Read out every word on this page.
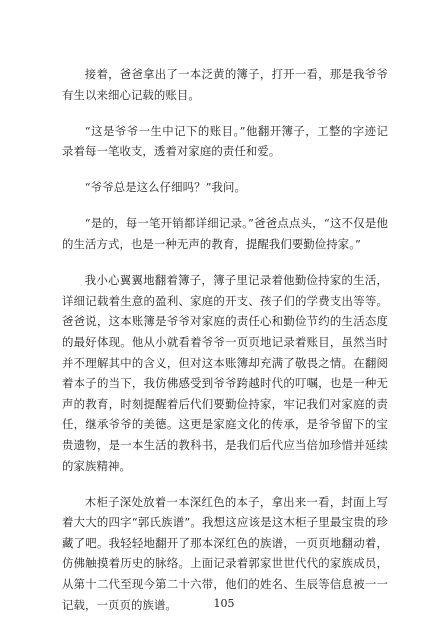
接着，爸爸拿出了一本泛黄的簿子，打开一看，那是我爷爷有生以来细心记载的账目。

“这是爷爷一生中记下的账目。”他翻开簿子，工整的字迹记录着每一笔收支，透着对家庭的责任和爱。

“爷爷总是这么仔细吗？”我问。

“是的，每一笔开销都详细记录。”爸爸点点头，“这不仅是他的生活方式，也是一种无声的教育，提醒我们要勤俭持家。”

我小心翼翼地翻着簿子，簿子里记录着他勤俭持家的生活，详细记载着生意的盈利、家庭的开支、孩子们的学费支出等等。爸爸说，这本账簿是爷爷对家庭的责任心和勤俭节约的生活态度的最好体现。他从小就看着爷爷一页页地记录着账目，虽然当时并不理解其中的含义，但对这本账簿却充满了敬畏之情。在翻阅着本子的当下，我仿佛感受到爷爷跨越时代的叮嘱，也是一种无声的教育，时刻提醒着后代们要勤俭持家，牢记我们对家庭的责任，继承爷爷的美德。这更是家庭文化的传承，是爷爷留下的宝贵遗物，是一本生活的教科书，是我们后代应当倍加珍惜并延续的家族精神。

木柜子深处放着一本深红色的本子，拿出来一看，封面上写着大大的四字“郭氏族谱”。我想这应该是这木柜子里最宝贵的珍藏了吧。我轻轻地翻开了那本深红色的族谱，一页页地翻动着，仿佛触摸着历史的脉络。上面记录着郭家世世代代的家族成员，从第十二代至现今第二十六带，他们的姓名、生辰等信息被一一记载，一页页的族谱。	105
